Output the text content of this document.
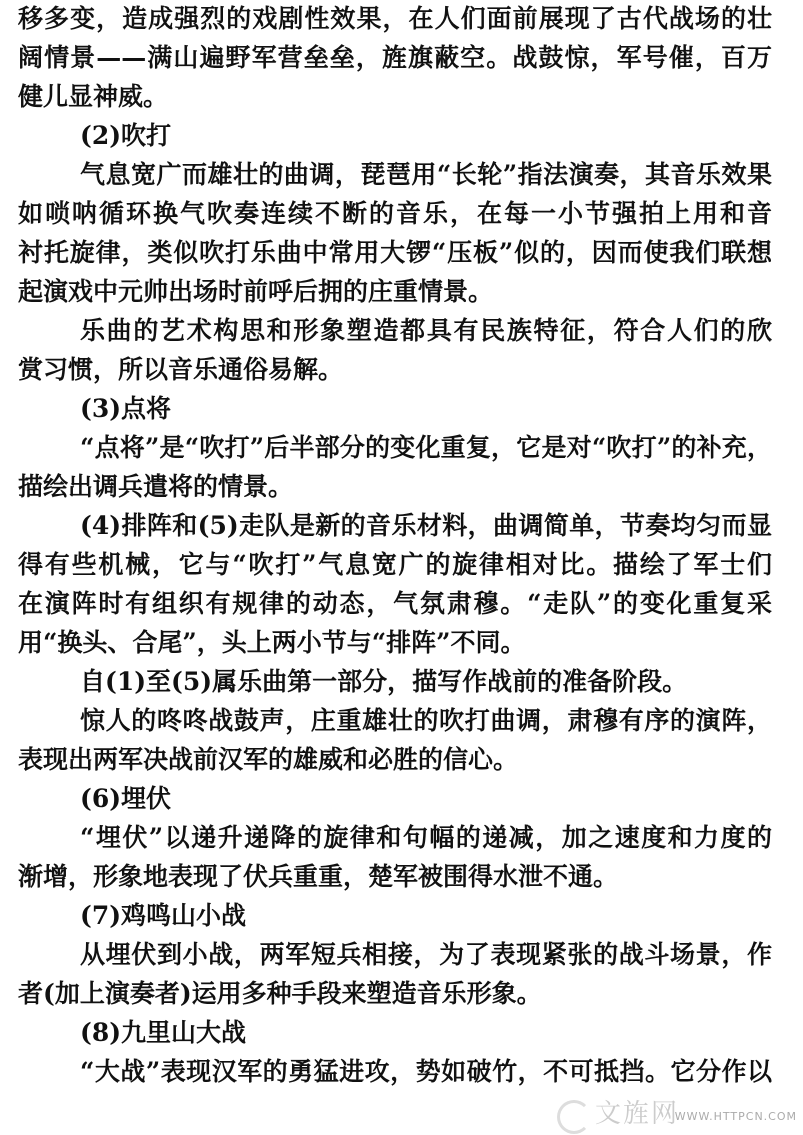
移多变，造成强烈的戏剧性效果，在人们面前展现了古代战场的壮
阔情景——满山遍野军营垒垒，旌旗蔽空。战鼓惊，军号催，百万
健儿显神威。
(2)吹打
气息宽广而雄壮的曲调，琵琶用“长轮”指法演奏，其音乐效果
如唢呐循环换气吹奏连续不断的音乐，在每一小节强拍上用和音
衬托旋律，类似吹打乐曲中常用大锣“压板”似的，因而使我们联想
起演戏中元帅出场时前呼后拥的庄重情景。
乐曲的艺术构思和形象塑造都具有民族特征，符合人们的欣
赏习惯，所以音乐通俗易解。
(3)点将
“点将”是“吹打”后半部分的变化重复，它是对“吹打”的补充，
描绘出调兵遣将的情景。
(4)排阵和(5)走队是新的音乐材料，曲调简单，节奏均匀而显
得有些机械，它与“吹打”气息宽广的旋律相对比。描绘了军士们
在演阵时有组织有规律的动态，气氛肃穆。“走队”的变化重复采
用“换头、合尾”，头上两小节与“排阵”不同。
自(1)至(5)属乐曲第一部分，描写作战前的准备阶段。
惊人的咚咚战鼓声，庄重雄壮的吹打曲调，肃穆有序的演阵，
表现出两军决战前汉军的雄威和必胜的信心。
(6)埋伏
“埋伏”以递升递降的旋律和句幅的递减，加之速度和力度的
渐增，形象地表现了伏兵重重，楚军被围得水泄不通。
(7)鸡鸣山小战
从埋伏到小战，两军短兵相接，为了表现紧张的战斗场景，作
者(加上演奏者)运用多种手段来塑造音乐形象。
(8)九里山大战
“大战”表现汉军的勇猛进攻，势如破竹，不可抵挡。它分作以
文旌网
WWW.HTTPCN.COM
